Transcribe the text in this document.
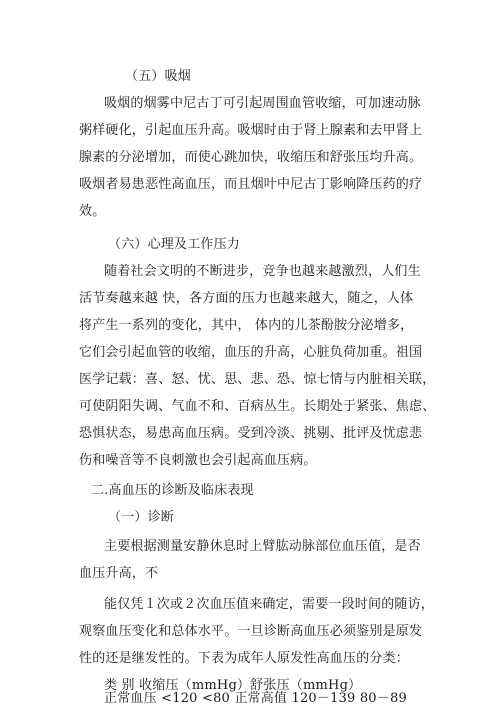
（五）吸烟
吸烟的烟雾中尼古丁可引起周围血管收缩，可加速动脉
粥样硬化，引起血压升高。吸烟时由于肾上腺素和去甲肾上
腺素的分泌增加，而使心跳加快，收缩压和舒张压均升高。
吸烟者易患恶性高血压，而且烟叶中尼古丁影响降压药的疗
效。
（六）心理及工作压力
随着社会文明的不断进步，竞争也越来越激烈，人们生
活节奏越来越 快，各方面的压力也越来越大，随之，人体
将产生一系列的变化，其中， 体内的儿茶酚胺分泌增多，
它们会引起血管的收缩，血压的升高，心脏负荷加重。祖国
医学记载：喜、怒、忧、思、悲、恐、惊七情与内脏相关联，
可使阴阳失调、气血不和、百病丛生。长期处于紧张、焦虑、
恐惧状态，易患高血压病。受到冷淡、挑剔、批评及忧虑悲
伤和噪音等不良刺激也会引起高血压病。
二.高血压的诊断及临床表现
（一）诊断
主要根据测量安静休息时上臂肱动脉部位血压值，是否
血压升高，不
能仅凭１次或２次血压值来确定，需要一段时间的随访，
观察血压变化和总体水平。一旦诊断高血压必须鉴别是原发
性的还是继发性的。下表为成年人原发性高血压的分类：
类 别 收缩压（mmHg）舒张压（mmHg）
正常血压 <120 <80 正常高值 120－139 80－89
